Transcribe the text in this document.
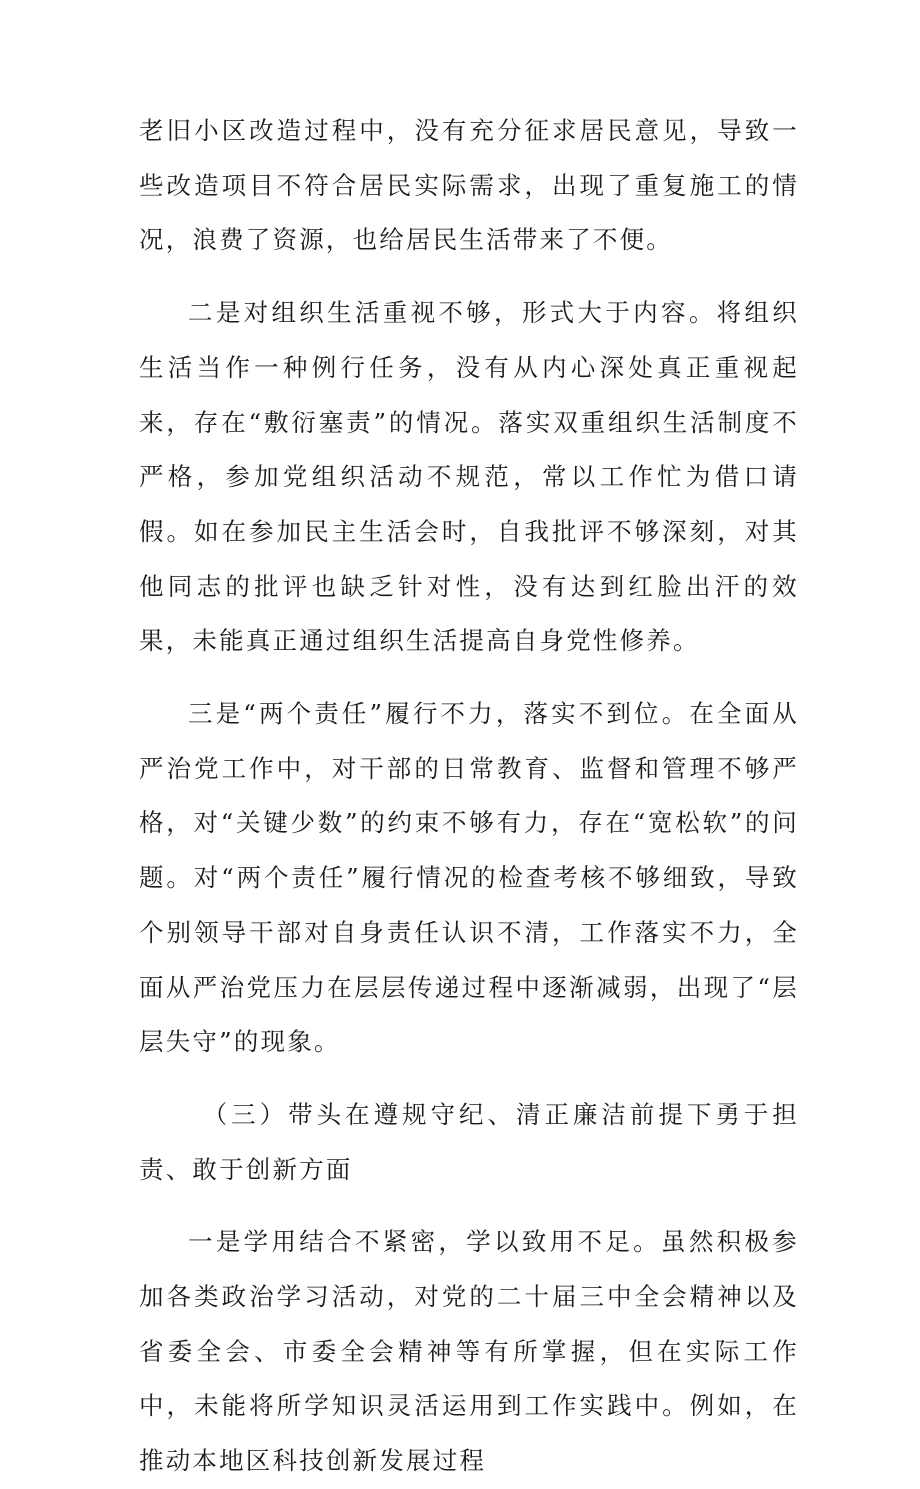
老旧小区改造过程中，没有充分征求居民意见，导致一些改造项目不符合居民实际需求，出现了重复施工的情况，浪费了资源，也给居民生活带来了不便。

二是对组织生活重视不够，形式大于内容。将组织生活当作一种例行任务，没有从内心深处真正重视起来，存在“敷衍塞责”的情况。落实双重组织生活制度不严格，参加党组织活动不规范，常以工作忙为借口请假。如在参加民主生活会时，自我批评不够深刻，对其他同志的批评也缺乏针对性，没有达到红脸出汗的效果，未能真正通过组织生活提高自身党性修养。

三是“两个责任”履行不力，落实不到位。在全面从严治党工作中，对干部的日常教育、监督和管理不够严格，对“关键少数”的约束不够有力，存在“宽松软”的问题。对“两个责任”履行情况的检查考核不够细致，导致个别领导干部对自身责任认识不清，工作落实不力，全面从严治党压力在层层传递过程中逐渐减弱，出现了“层层失守”的现象。

（三）带头在遵规守纪、清正廉洁前提下勇于担责、敢于创新方面

一是学用结合不紧密，学以致用不足。虽然积极参加各类政治学习活动，对党的二十届三中全会精神以及省委全会、市委全会精神等有所掌握，但在实际工作中，未能将所学知识灵活运用到工作实践中。例如，在推动本地区科技创新发展过程
